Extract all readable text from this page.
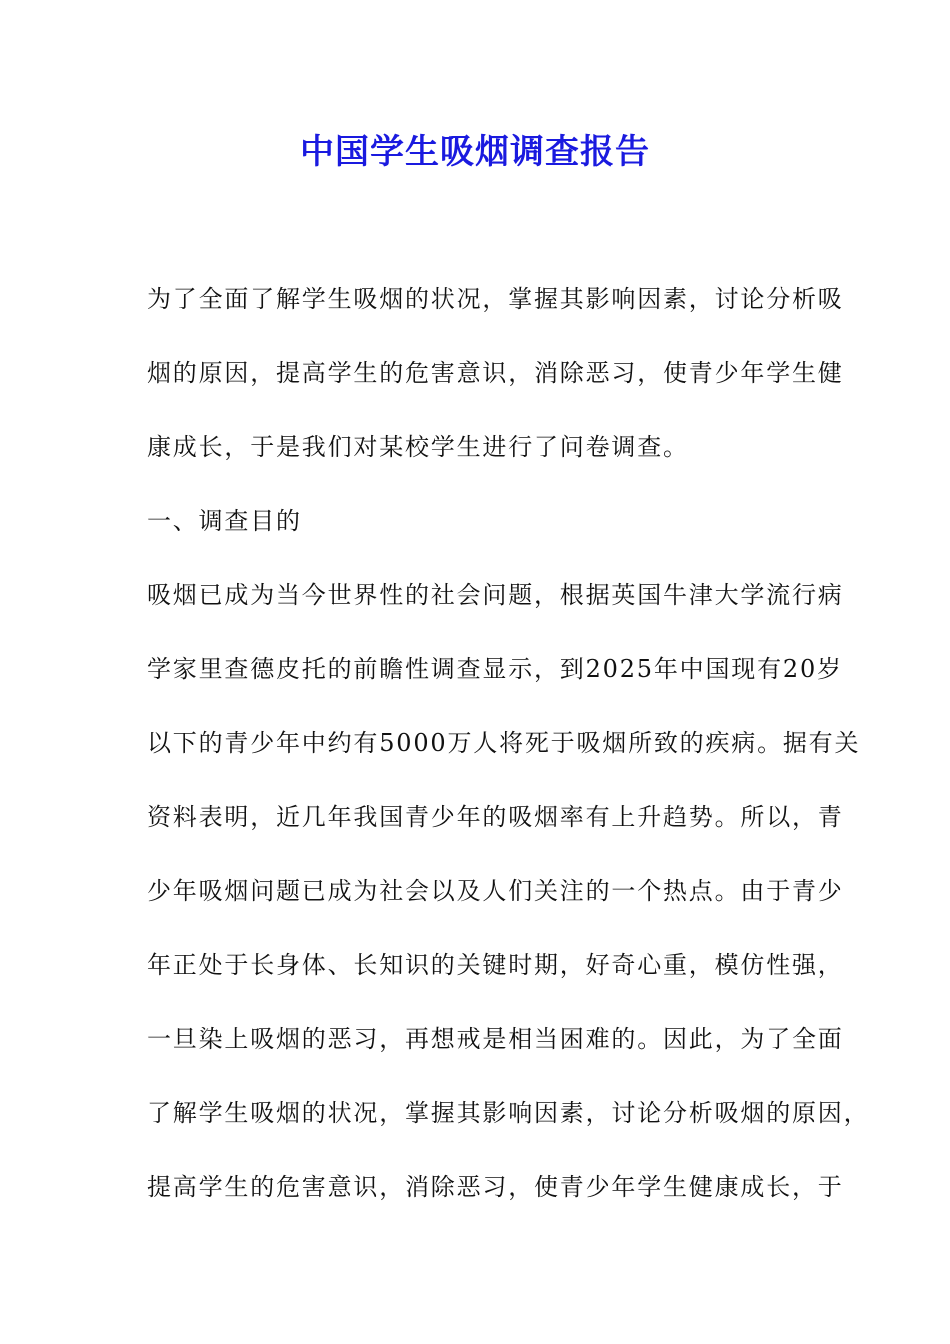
中国学生吸烟调查报告
为了全面了解学生吸烟的状况，掌握其影响因素，讨论分析吸
烟的原因，提高学生的危害意识，消除恶习，使青少年学生健
康成长，于是我们对某校学生进行了问卷调查。
一、调查目的
吸烟已成为当今世界性的社会问题，根据英国牛津大学流行病
学家里查德皮托的前瞻性调查显示，到2025年中国现有20岁
以下的青少年中约有5000万人将死于吸烟所致的疾病。据有关
资料表明，近几年我国青少年的吸烟率有上升趋势。所以，青
少年吸烟问题已成为社会以及人们关注的一个热点。由于青少
年正处于长身体、长知识的关键时期，好奇心重，模仿性强，
一旦染上吸烟的恶习，再想戒是相当困难的。因此，为了全面
了解学生吸烟的状况，掌握其影响因素，讨论分析吸烟的原因，
提高学生的危害意识，消除恶习，使青少年学生健康成长，于
